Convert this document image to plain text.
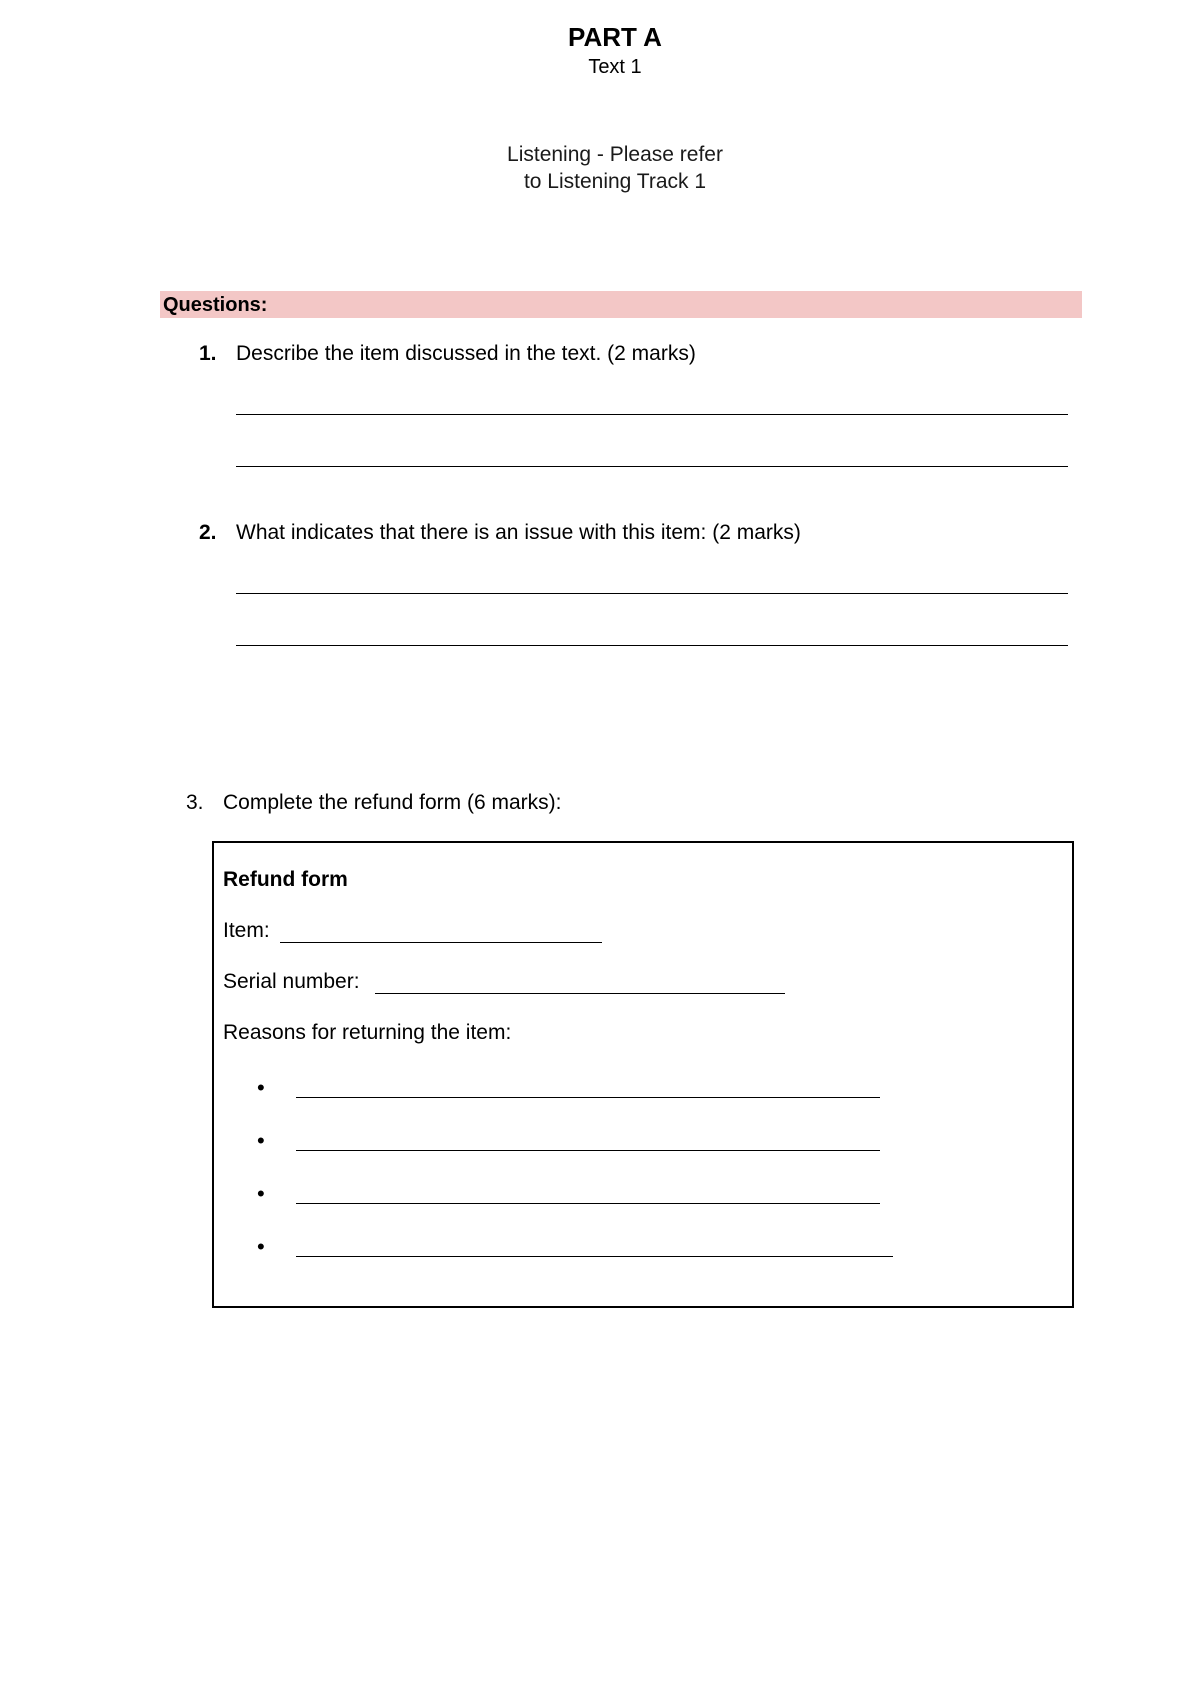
PART A
Text 1
Listening - Please refer
to Listening Track 1
Questions:
1. Describe the item discussed in the text. (2 marks)
2. What indicates that there is an issue with this item: (2 marks)
3. Complete the refund form (6 marks):
Refund form
Item:
Serial number:
Reasons for returning the item:
•
•
•
•
